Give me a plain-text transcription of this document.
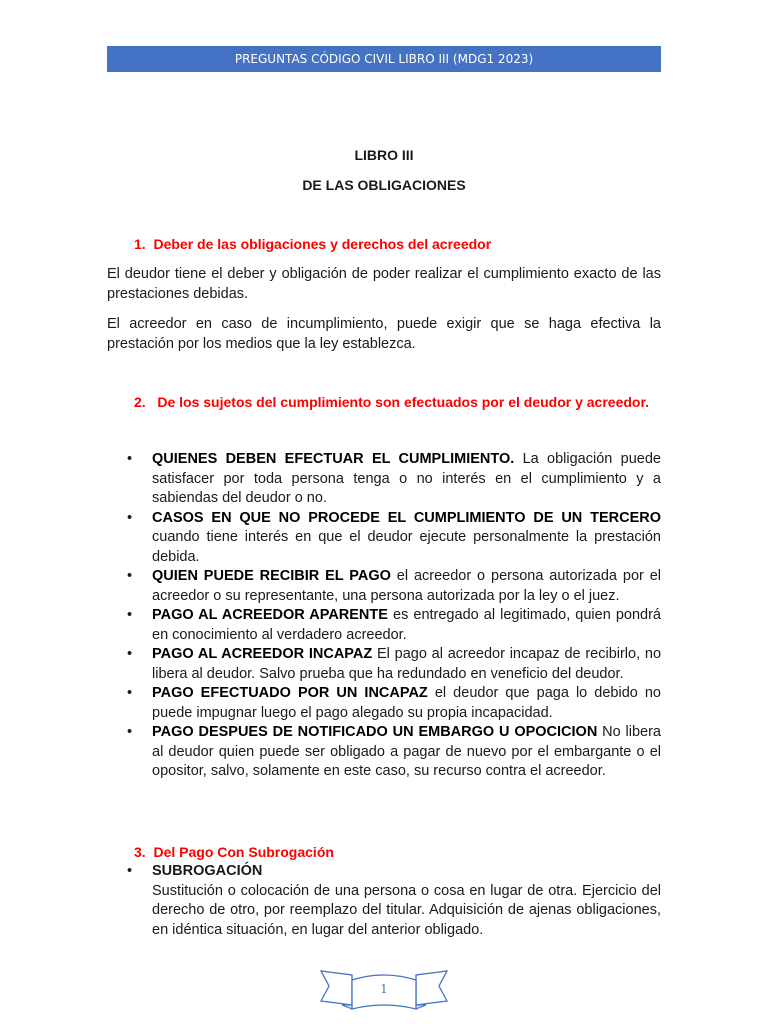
PREGUNTAS CÓDIGO CIVIL LIBRO III (MDG1 2023)
LIBRO III
DE LAS OBLIGACIONES
1. Deber de las obligaciones y derechos del acreedor
El deudor tiene el deber y obligación de poder realizar el cumplimiento exacto de las prestaciones debidas.
El acreedor en caso de incumplimiento, puede exigir que se haga efectiva la prestación por los medios que la ley establezca.
2. De los sujetos del cumplimiento son efectuados por el deudor y acreedor.
• QUIENES DEBEN EFECTUAR EL CUMPLIMIENTO. La obligación puede satisfacer por toda persona tenga o no interés en el cumplimiento y a sabiendas del deudor o no.
• CASOS EN QUE NO PROCEDE EL CUMPLIMIENTO DE UN TERCERO cuando tiene interés en que el deudor ejecute personalmente la prestación debida.
• QUIEN PUEDE RECIBIR EL PAGO el acreedor o persona autorizada por el acreedor o su representante, una persona autorizada por la ley o el juez.
• PAGO AL ACREEDOR APARENTE es entregado al legitimado, quien pondrá en conocimiento al verdadero acreedor.
• PAGO AL ACREEDOR INCAPAZ El pago al acreedor incapaz de recibirlo, no libera al deudor. Salvo prueba que ha redundado en veneficio del deudor.
• PAGO EFECTUADO POR UN INCAPAZ el deudor que paga lo debido no puede impugnar luego el pago alegado su propia incapacidad.
• PAGO DESPUES DE NOTIFICADO UN EMBARGO U OPOCICION No libera al deudor quien puede ser obligado a pagar de nuevo por el embargante o el opositor, salvo, solamente en este caso, su recurso contra el acreedor.
3. Del Pago Con Subrogación
• SUBROGACIÓN
Sustitución o colocación de una persona o cosa en lugar de otra. Ejercicio del derecho de otro, por reemplazo del titular. Adquisición de ajenas obligaciones, en idéntica situación, en lugar del anterior obligado.
1
